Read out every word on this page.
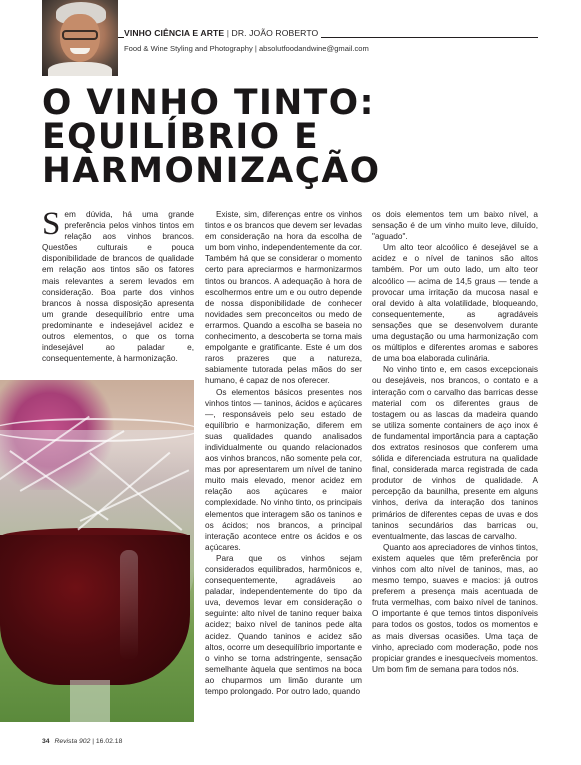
VINHO CIÊNCIA E ARTE | DR. JOÃO ROBERTO
Food & Wine Styling and Photography | absolutfoodandwine@gmail.com
O VINHO TINTO:
EQUILÍBRIO E
HARMONIZAÇÃO

Sem dúvida, há uma grande preferência pelos vinhos tintos em relação aos vinhos brancos. Questões culturais e pouca disponibilidade de brancos de qualidade em relação aos tintos são os fatores mais relevantes a serem levados em consideração. Boa parte dos vinhos brancos à nossa disposição apresenta um grande desequilíbrio entre uma predominante e indesejável acidez e outros elementos, o que os torna indesejável ao paladar e, consequentemente, à harmonização.

Existe, sim, diferenças entre os vinhos tintos e os brancos que devem ser levadas em consideração na hora da escolha de um bom vinho, independentemente da cor. Também há que se considerar o momento certo para apreciarmos e harmonizarmos tintos ou brancos. A adequação à hora de escolhermos entre um e ou outro depende de nossa disponibilidade de conhecer novidades sem preconceitos ou medo de errarmos. Quando a escolha se baseia no conhecimento, a descoberta se torna mais empolgante e gratificante. Este é um dos raros prazeres que a natureza, sabiamente tutorada pelas mãos do ser humano, é capaz de nos oferecer.

Os elementos básicos presentes nos vinhos tintos — taninos, ácidos e açúcares —, responsáveis pelo seu estado de equilíbrio e harmonização, diferem em suas qualidades quando analisados individualmente ou quando relacionados aos vinhos brancos, não somente pela cor, mas por apresentarem um nível de tanino muito mais elevado, menor acidez em relação aos açúcares e maior complexidade. No vinho tinto, os principais elementos que interagem são os taninos e os ácidos; nos brancos, a principal interação acontece entre os ácidos e os açúcares.

Para que os vinhos sejam considerados equilibrados, harmônicos e, consequentemente, agradáveis ao paladar, independentemente do tipo da uva, devemos levar em consideração o seguinte: alto nível de tanino requer baixa acidez; baixo nível de taninos pede alta acidez. Quando taninos e acidez são altos, ocorre um desequilíbrio importante e o vinho se torna adstringente, sensação semelhante àquela que sentimos na boca ao chuparmos um limão durante um tempo prolongado. Por outro lado, quando

os dois elementos tem um baixo nível, a sensação é de um vinho muito leve, diluído, "aguado".

Um alto teor alcoólico é desejável se a acidez e o nível de taninos são altos também. Por um outo lado, um alto teor alcoólico — acima de 14,5 graus — tende a provocar uma irritação da mucosa nasal e oral devido à alta volatilidade, bloqueando, consequentemente, as agradáveis sensações que se desenvolvem durante uma degustação ou uma harmonização com os múltiplos e diferentes aromas e sabores de uma boa elaborada culinária.

No vinho tinto e, em casos excepcionais ou desejáveis, nos brancos, o contato e a interação com o carvalho das barricas desse material com os diferentes graus de tostagem ou as lascas da madeira quando se utiliza somente containers de aço inox é de fundamental importância para a captação dos extratos resinosos que conferem uma sólida e diferenciada estrutura na qualidade final, considerada marca registrada de cada produtor de vinhos de qualidade. A percepção da baunilha, presente em alguns vinhos, deriva da interação dos taninos primários de diferentes cepas de uvas e dos taninos secundários das barricas ou, eventualmente, das lascas de carvalho.

Quanto aos apreciadores de vinhos tintos, existem aqueles que têm preferência por vinhos com alto nível de taninos, mas, ao mesmo tempo, suaves e macios: já outros preferem a presença mais acentuada de fruta vermelhas, com baixo nível de taninos. O importante é que temos tintos disponíveis para todos os gostos, todos os momentos e as mais diversas ocasiões. Uma taça de vinho, apreciado com moderação, pode nos propiciar grandes e inesquecíveis momentos. Um bom fim de semana para todos nós.

34 Revista 902 | 16.02.18
